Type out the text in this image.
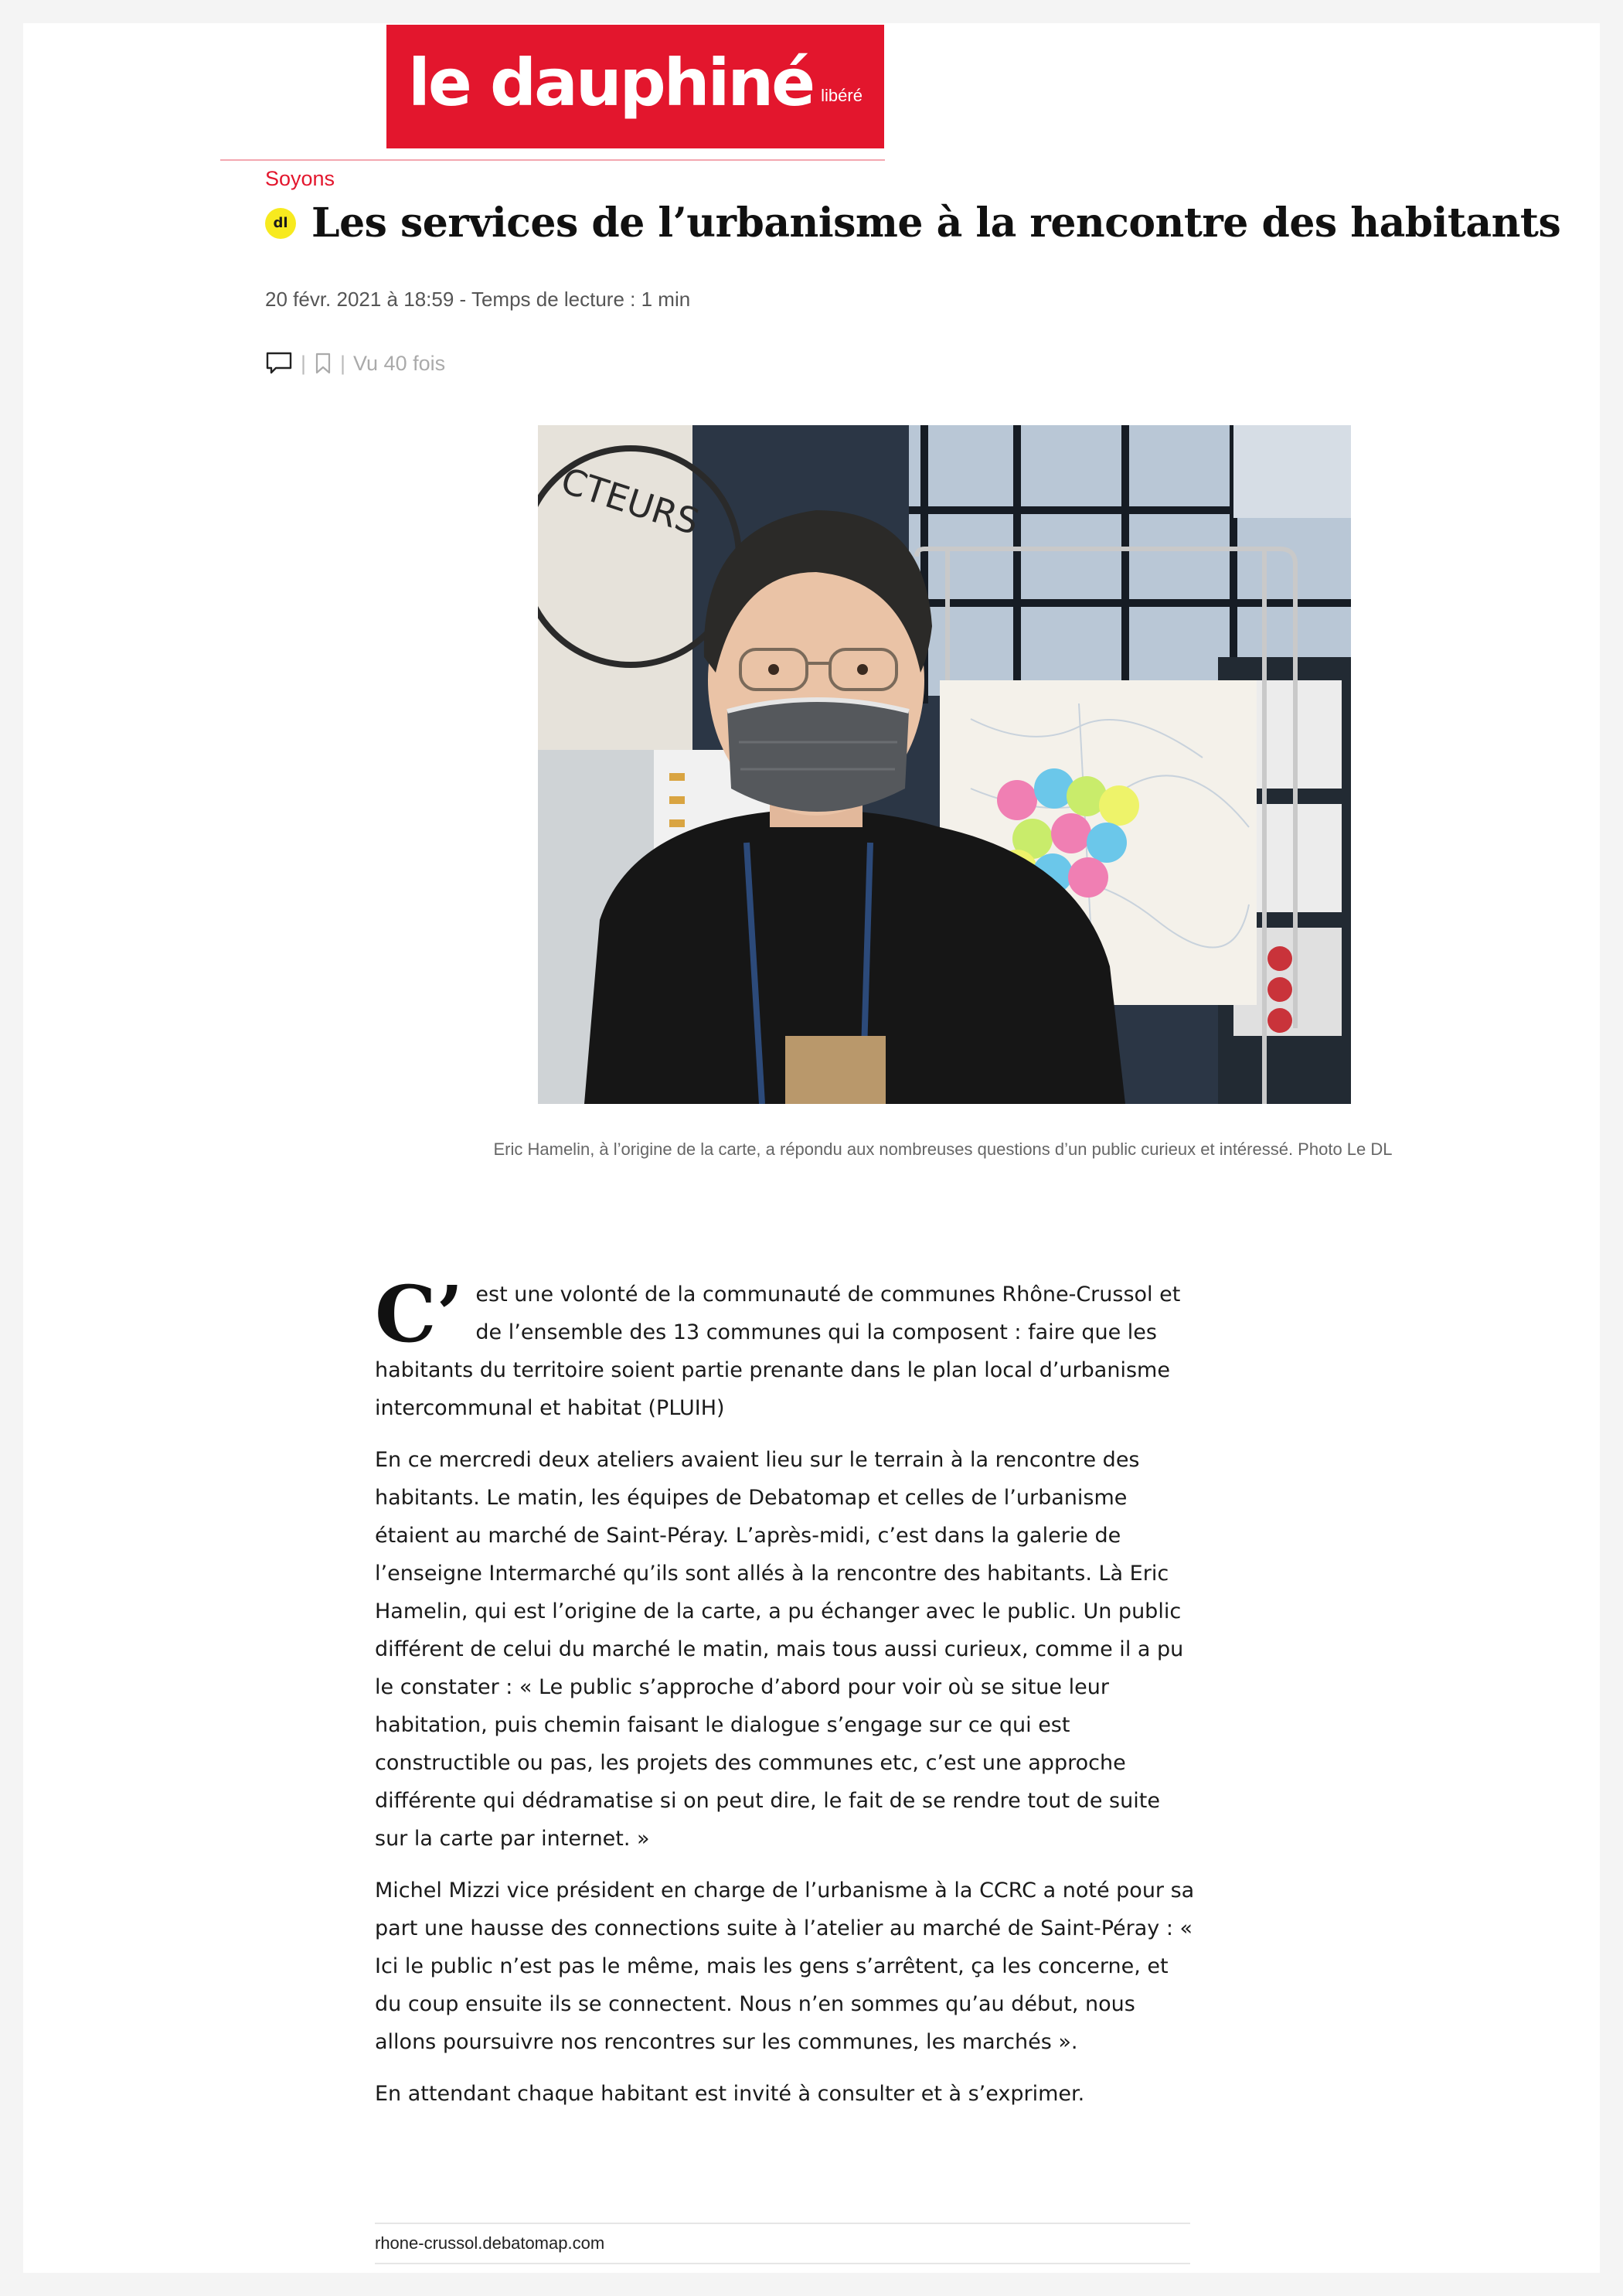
le dauphiné libéré
Soyons
dl Les services de l’urbanisme à la rencontre des habitants
20 févr. 2021 à 18:59 - Temps de lecture : 1 min
| | Vu 40 fois
CTEURS
Eric Hamelin, à l’origine de la carte, a répondu aux nombreuses questions d’un public curieux et intéressé. Photo Le DL

C’ est une volonté de la communauté de communes Rhône-Crussol et de l’ensemble des 13 communes qui la composent : faire que les habitants du territoire soient partie prenante dans le plan local d’urbanisme intercommunal et habitat (PLUIH)

En ce mercredi deux ateliers avaient lieu sur le terrain à la rencontre des habitants. Le matin, les équipes de Debatomap et celles de l’urbanisme étaient au marché de Saint-Péray. L’après-midi, c’est dans la galerie de l’enseigne Intermarché qu’ils sont allés à la rencontre des habitants. Là Eric Hamelin, qui est l’origine de la carte, a pu échanger avec le public. Un public différent de celui du marché le matin, mais tous aussi curieux, comme il a pu le constater : « Le public s’approche d’abord pour voir où se situe leur habitation, puis chemin faisant le dialogue s’engage sur ce qui est constructible ou pas, les projets des communes etc, c’est une approche différente qui dédramatise si on peut dire, le fait de se rendre tout de suite sur la carte par internet. »

Michel Mizzi vice président en charge de l’urbanisme à la CCRC a noté pour sa part une hausse des connections suite à l’atelier au marché de Saint-Péray : « Ici le public n’est pas le même, mais les gens s’arrêtent, ça les concerne, et du coup ensuite ils se connectent. Nous n’en sommes qu’au début, nous allons poursuivre nos rencontres sur les communes, les marchés ».

En attendant chaque habitant est invité à consulter et à s’exprimer.

rhone-crussol.debatomap.com
